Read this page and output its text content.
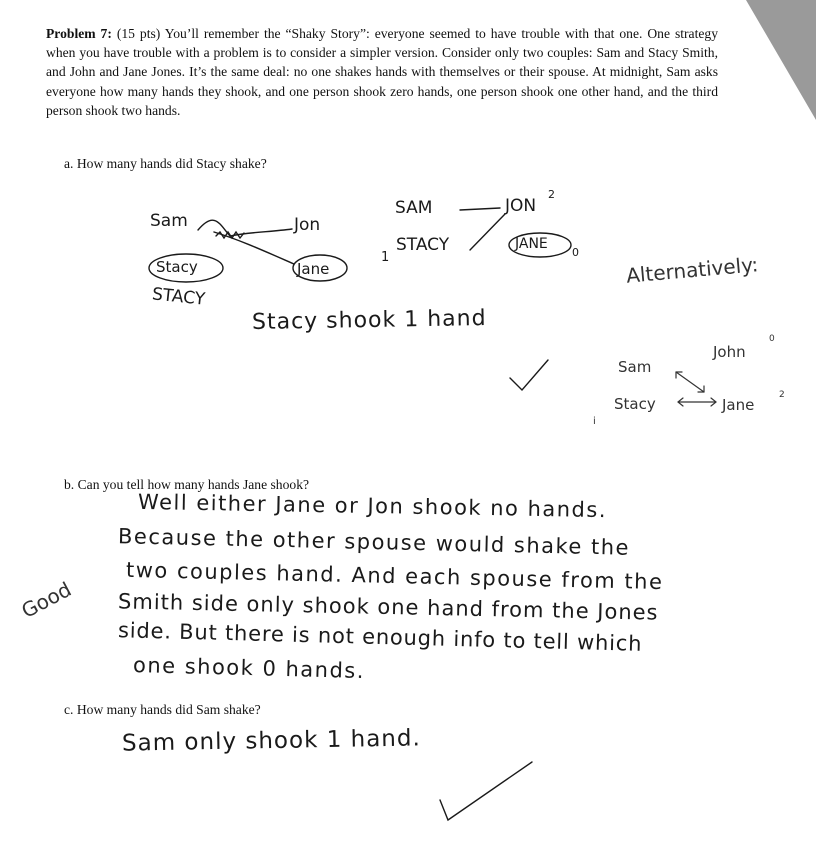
Problem 7: (15 pts) You’ll remember the “Shaky Story”: everyone seemed to have trouble with that one. One strategy when you have trouble with a problem is to consider a simpler version. Consider only two couples: Sam and Stacy Smith, and John and Jane Jones. It’s the same deal: no one shakes hands with themselves or their spouse. At midnight, Sam asks everyone how many hands they shook, and one person shook zero hands, one person shook one other hand, and the third person shook two hands.
a. How many hands did Stacy shake?
Sam	Jon
Stacy	Jane
STACY
SAM	JON
2
1
STACY	JANE
0
Stacy shook 1 hand
Alternatively:
Sam
Stacy
John
0
Jane
2
i
b. Can you tell how many hands Jane shook?
Well either Jane or Jon shook no hands.
Because the other spouse would shake the
two couples hand. And each spouse from the
Smith side only shook one hand from the Jones
side. But there is not enough info to tell which
one shook 0 hands.
Good
c. How many hands did Sam shake?
Sam only shook 1 hand.
